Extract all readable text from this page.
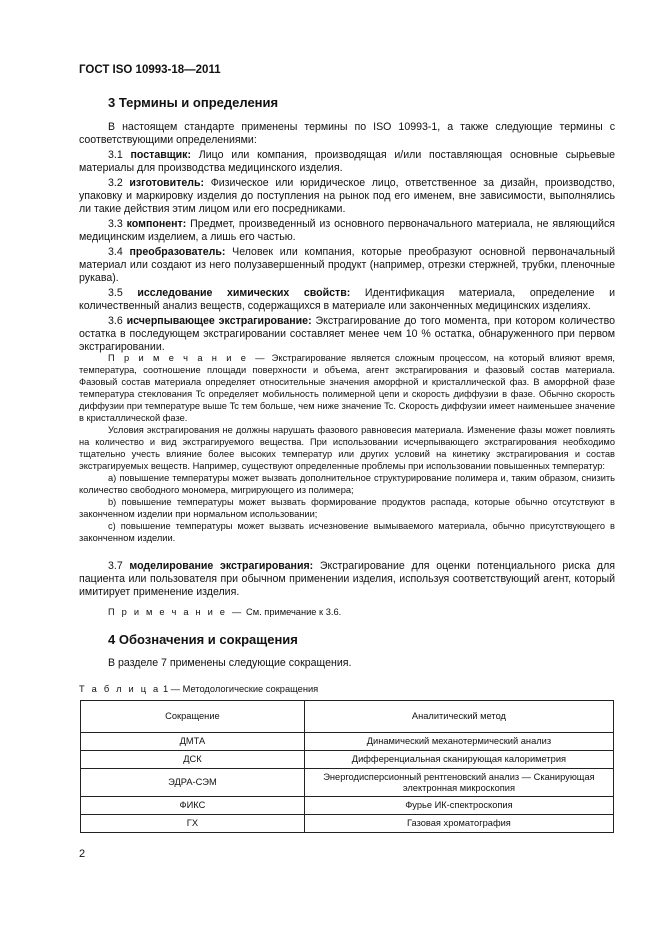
ГОСТ ISO 10993-18—2011
3 Термины и определения

В настоящем стандарте применены термины по ISO 10993-1, а также следующие термины с соответствующими определениями:

3.1 поставщик: Лицо или компания, производящая и/или поставляющая основные сырьевые материалы для производства медицинского изделия.

3.2 изготовитель: Физическое или юридическое лицо, ответственное за дизайн, производство, упаковку и маркировку изделия до поступления на рынок под его именем, вне зависимости, выполнялись ли такие действия этим лицом или его посредниками.

3.3 компонент: Предмет, произведенный из основного первоначального материала, не являющийся медицинским изделием, а лишь его частью.

3.4 преобразователь: Человек или компания, которые преобразуют основной первоначальный материал или создают из него полузавершенный продукт (например, отрезки стержней, трубки, пленочные рукава).

3.5 исследование химических свойств: Идентификация материала, определение и количественный анализ веществ, содержащихся в материале или законченных медицинских изделиях.

3.6 исчерпывающее экстрагирование: Экстрагирование до того момента, при котором количество остатка в последующем экстрагировании составляет менее чем 10 % остатка, обнаруженного при первом экстрагировании.

П р и м е ч а н и е — Экстрагирование является сложным процессом, на который влияют время, температура, соотношение площади поверхности и объема, агент экстрагирования и фазовый состав материала. Фазовый состав материала определяет относительные значения аморфной и кристаллической фаз. В аморфной фазе температура стеклования Tc определяет мобильность полимерной цепи и скорость диффузии в фазе. Обычно скорость диффузии при температуре выше Tc тем больше, чем ниже значение Tc. Скорость диффузии имеет наименьшее значение в кристаллической фазе.

Условия экстрагирования не должны нарушать фазового равновесия материала. Изменение фазы может повлиять на количество и вид экстрагируемого вещества. При использовании исчерпывающего экстрагирования необходимо тщательно учесть влияние более высоких температур или других условий на кинетику экстрагирования и состав экстрагируемых веществ. Например, существуют определенные проблемы при использовании повышенных температур:

a) повышение температуры может вызвать дополнительное структурирование полимера и, таким образом, снизить количество свободного мономера, мигрирующего из полимера;

b) повышение температуры может вызвать формирование продуктов распада, которые обычно отсутствуют в законченном изделии при нормальном использовании;

c) повышение температуры может вызвать исчезновение вымываемого материала, обычно присутствующего в законченном изделии.

3.7 моделирование экстрагирования: Экстрагирование для оценки потенциального риска для пациента или пользователя при обычном применении изделия, используя соответствующий агент, который имитирует применение изделия.

П р и м е ч а н и е — См. примечание к 3.6.

4 Обозначения и сокращения

В разделе 7 применены следующие сокращения.

Т а б л и ц а 1 — Методологические сокращения
Сокращение	Аналитический метод
ДМТА	Динамический механотермический анализ
ДСК	Дифференциальная сканирующая калориметрия
ЭДРА-СЭМ	Энергодисперсионный рентгеновский анализ — Сканирующая электронная микроскопия
ФИКС	Фурье ИК-спектроскопия
ГХ	Газовая хроматография
2
